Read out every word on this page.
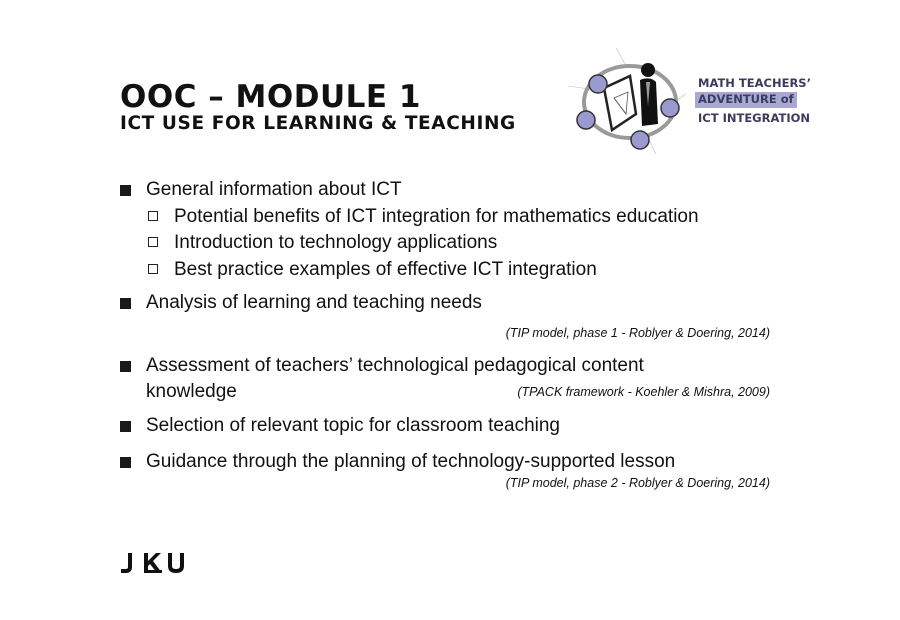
OOC – MODULE 1
ICT USE FOR LEARNING & TEACHING
MATH TEACHERS’
ADVENTURE of
ICT INTEGRATION
General information about ICT
Potential benefits of ICT integration for mathematics education
Introduction to technology applications
Best practice examples of effective ICT integration
Analysis of learning and teaching needs
(TIP model, phase 1 - Roblyer & Doering, 2014)
Assessment of teachers’ technological pedagogical content
knowledge	(TPACK framework - Koehler & Mishra, 2009)
Selection of relevant topic for classroom teaching
Guidance through the planning of technology-supported lesson
(TIP model, phase 2 - Roblyer & Doering, 2014)
